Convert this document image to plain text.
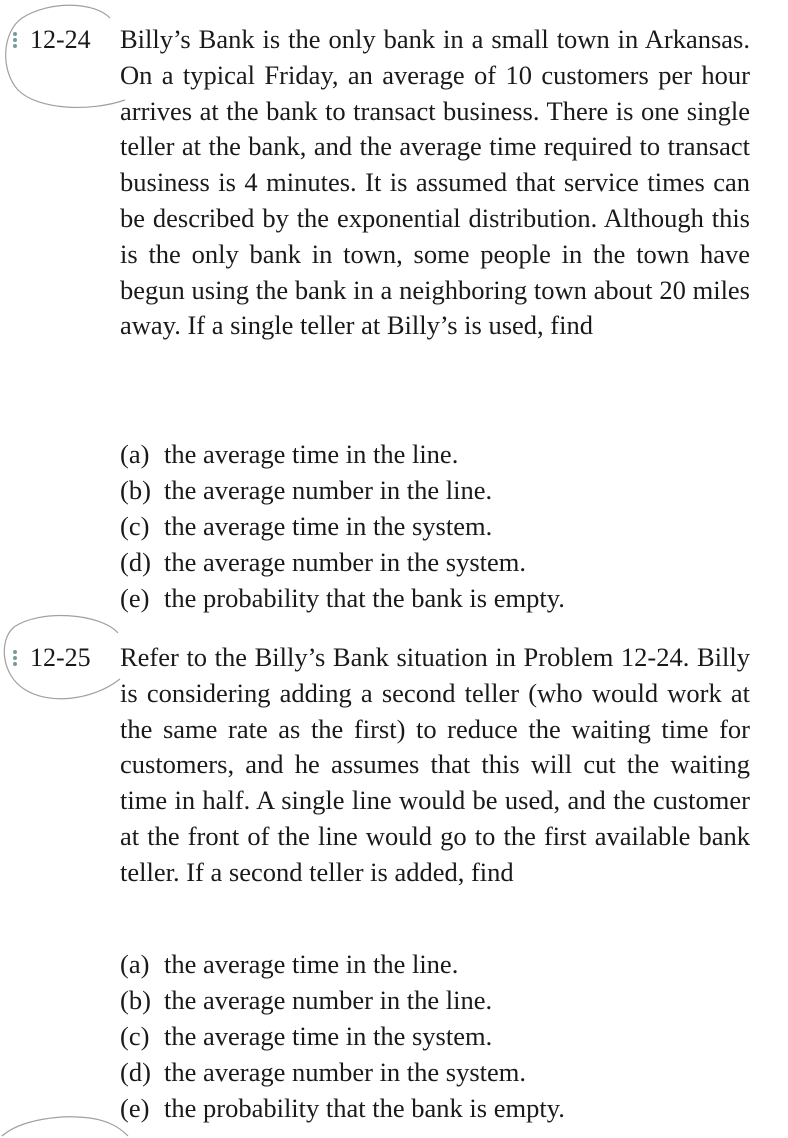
12-24 Billy’s Bank is the only bank in a small town in Arkansas. On a typical Friday, an average of 10 customers per hour arrives at the bank to transact business. There is one single teller at the bank, and the average time required to transact business is 4 minutes. It is assumed that service times can be described by the exponential distribution. Although this is the only bank in town, some people in the town have begun using the bank in a neighboring town about 20 miles away. If a single teller at Billy’s is used, find
(a) the average time in the line.
(b) the average number in the line.
(c) the average time in the system.
(d) the average number in the system.
(e) the probability that the bank is empty.
12-25 Refer to the Billy’s Bank situation in Problem 12-24. Billy is considering adding a second teller (who would work at the same rate as the first) to reduce the waiting time for customers, and he assumes that this will cut the waiting time in half. A single line would be used, and the customer at the front of the line would go to the first available bank teller. If a second teller is added, find
(a) the average time in the line.
(b) the average number in the line.
(c) the average time in the system.
(d) the average number in the system.
(e) the probability that the bank is empty.
